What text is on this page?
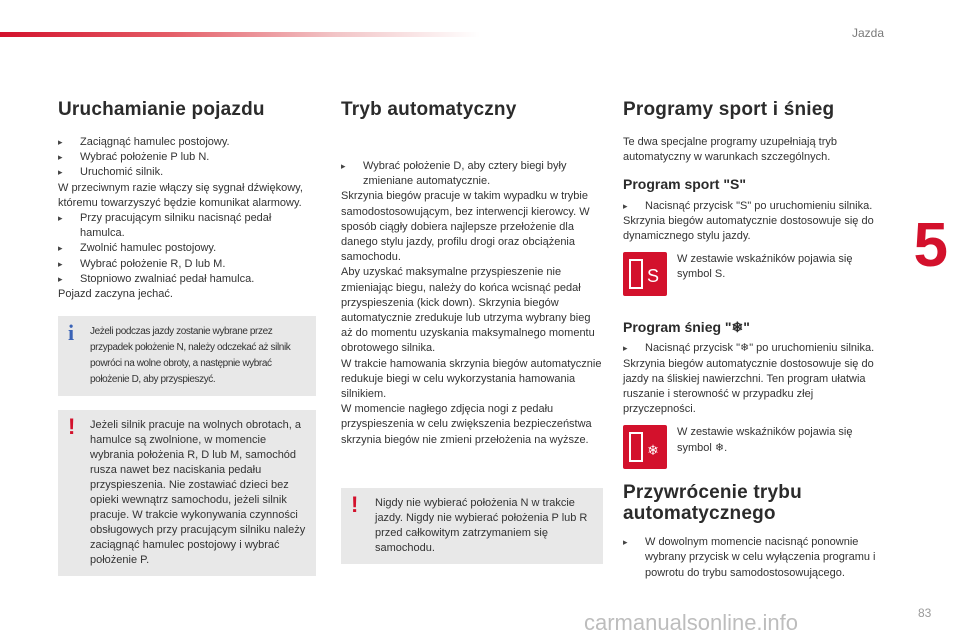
Jazda
5
Uruchamianie pojazdu
▸ Zaciągnąć hamulec postojowy.
▸ Wybrać położenie P lub N.
▸ Uruchomić silnik.

W przeciwnym razie włączy się sygnał dźwiękowy, któremu towarzyszyć będzie komunikat alarmowy.

▸ Przy pracującym silniku nacisnąć pedał hamulca.
▸ Zwolnić hamulec postojowy.
▸ Wybrać położenie R, D lub M.
▸ Stopniowo zwalniać pedał hamulca.

Pojazd zaczyna jechać.

i Jeżeli podczas jazdy zostanie wybrane przez przypadek położenie N, należy odczekać aż silnik powróci na wolne obroty, a następnie wybrać położenie D, aby przyspieszyć.
! Jeżeli silnik pracuje na wolnych obrotach, a hamulce są zwolnione, w momencie wybrania położenia R, D lub M, samochód rusza nawet bez naciskania pedału przyspieszenia. Nie zostawiać dzieci bez opieki wewnątrz samochodu, jeżeli silnik pracuje. W trakcie wykonywania czynności obsługowych przy pracującym silniku należy zaciągnąć hamulec postojowy i wybrać położenie P.
Tryb automatyczny
▸ Wybrać położenie D, aby cztery biegi były zmieniane automatycznie.

Skrzynia biegów pracuje w takim wypadku w trybie samodostosowującym, bez interwencji kierowcy. W sposób ciągły dobiera najlepsze przełożenie dla danego stylu jazdy, profilu drogi oraz obciążenia samochodu.

Aby uzyskać maksymalne przyspieszenie nie zmieniając biegu, należy do końca wcisnąć pedał przyspieszenia (kick down). Skrzynia biegów automatycznie zredukuje lub utrzyma wybrany bieg aż do momentu uzyskania maksymalnego momentu obrotowego silnika.

W trakcie hamowania skrzynia biegów automatycznie redukuje biegi w celu wykorzystania hamowania silnikiem.

W momencie nagłego zdjęcia nogi z pedału przyspieszenia w celu zwiększenia bezpieczeństwa skrzynia biegów nie zmieni przełożenia na wyższe.

! Nigdy nie wybierać położenia N w trakcie jazdy. Nigdy nie wybierać położenia P lub R przed całkowitym zatrzymaniem się samochodu.
Programy sport i śnieg

Te dwa specjalne programy uzupełniają tryb automatyczny w warunkach szczególnych.

Program sport "S"
▸ Nacisnąć przycisk "S" po uruchomieniu silnika.

Skrzynia biegów automatycznie dostosowuje się do dynamicznego stylu jazdy.

S
W zestawie wskaźników pojawia się symbol S.
Program śnieg "❄"
▸ Nacisnąć przycisk "❄" po uruchomieniu silnika.

Skrzynia biegów automatycznie dostosowuje się do jazdy na śliskiej nawierzchni. Ten program ułatwia ruszanie i sterowność w przypadku złej przyczepności.

❄
W zestawie wskaźników pojawia się symbol ❄.
Przywrócenie trybu automatycznego
▸ W dowolnym momencie nacisnąć ponownie wybrany przycisk w celu wyłączenia programu i powrotu do trybu samodostosowującego.
carmanualsonline.info	83
